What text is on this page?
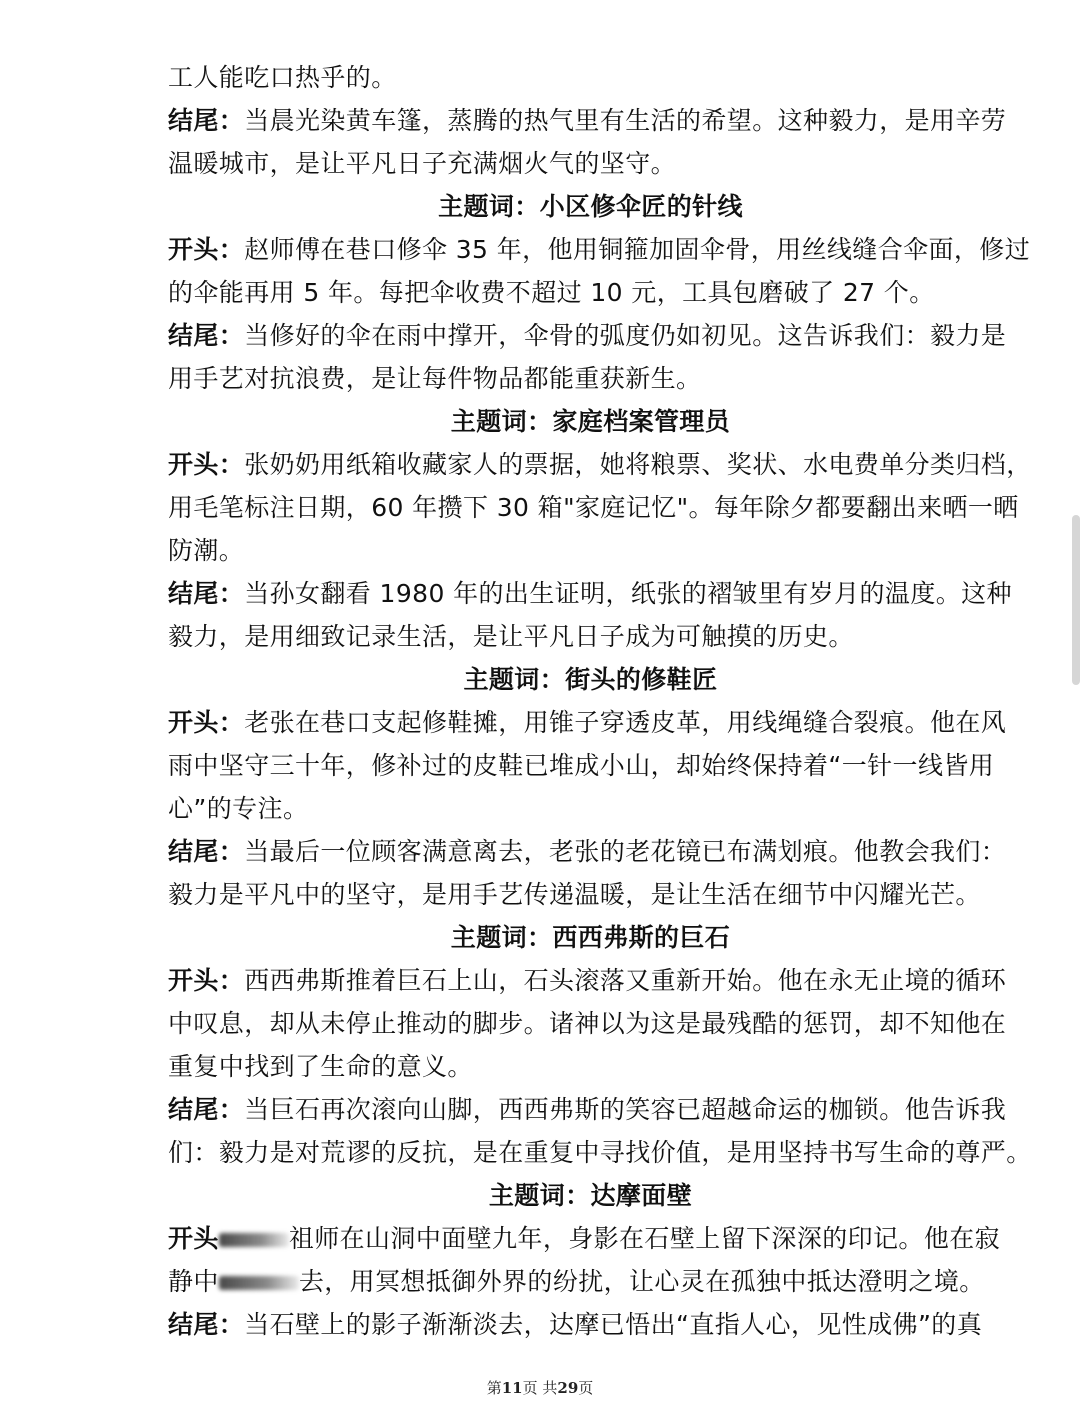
工人能吃口热乎的。
结尾：当晨光染黄车篷，蒸腾的热气里有生活的希望。这种毅力，是用辛劳
温暖城市，是让平凡日子充满烟火气的坚守。
主题词：小区修伞匠的针线
开头：赵师傅在巷口修伞 35 年，他用铜箍加固伞骨，用丝线缝合伞面，修过
的伞能再用 5 年。每把伞收费不超过 10 元，工具包磨破了 27 个。
结尾：当修好的伞在雨中撑开，伞骨的弧度仍如初见。这告诉我们：毅力是
用手艺对抗浪费，是让每件物品都能重获新生。
主题词：家庭档案管理员
开头：张奶奶用纸箱收藏家人的票据，她将粮票、奖状、水电费单分类归档，
用毛笔标注日期，60 年攒下 30 箱"家庭记忆"。每年除夕都要翻出来晒一晒
防潮。
结尾：当孙女翻看 1980 年的出生证明，纸张的褶皱里有岁月的温度。这种
毅力，是用细致记录生活，是让平凡日子成为可触摸的历史。
主题词：街头的修鞋匠
开头：老张在巷口支起修鞋摊，用锥子穿透皮革，用线绳缝合裂痕。他在风
雨中坚守三十年，修补过的皮鞋已堆成小山，却始终保持着“一针一线皆用
心”的专注。
结尾：当最后一位顾客满意离去，老张的老花镜已布满划痕。他教会我们：
毅力是平凡中的坚守，是用手艺传递温暖，是让生活在细节中闪耀光芒。
主题词：西西弗斯的巨石
开头：西西弗斯推着巨石上山，石头滚落又重新开始。他在永无止境的循环
中叹息，却从未停止推动的脚步。诸神以为这是最残酷的惩罚，却不知他在
重复中找到了生命的意义。
结尾：当巨石再次滚向山脚，西西弗斯的笑容已超越命运的枷锁。他告诉我
们：毅力是对荒谬的反抗，是在重复中寻找价值，是用坚持书写生命的尊严。
主题词：达摩面壁
开头	祖师在山洞中面壁九年，身影在石壁上留下深深的印记。他在寂
静中	去，用冥想抵御外界的纷扰，让心灵在孤独中抵达澄明之境。
结尾：当石壁上的影子渐渐淡去，达摩已悟出“直指人心，见性成佛”的真
第11页 共29页
